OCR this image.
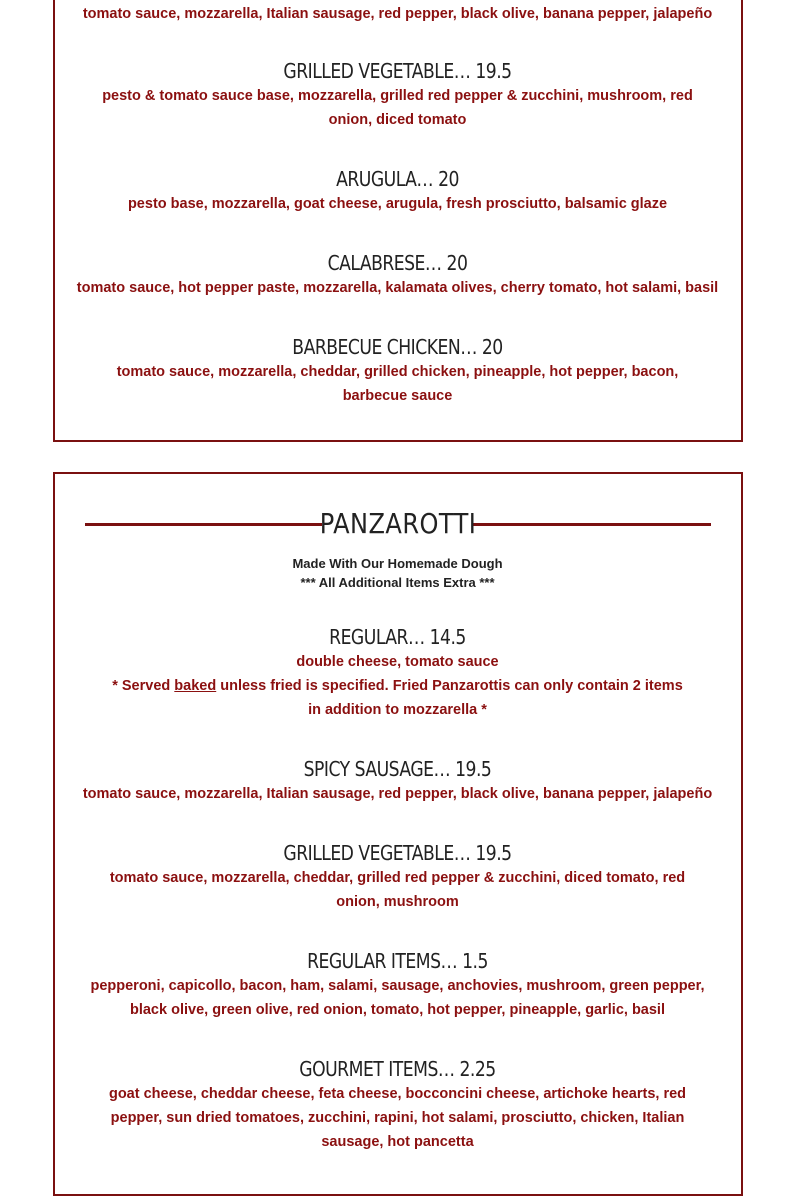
tomato sauce, mozzarella, Italian sausage, red pepper, black olive, banana pepper, jalapeño
GRILLED VEGETABLE… 19.5
pesto & tomato sauce base, mozzarella, grilled red pepper & zucchini, mushroom, red onion, diced tomato
ARUGULA… 20
pesto base, mozzarella, goat cheese, arugula, fresh prosciutto, balsamic glaze
CALABRESE… 20
tomato sauce, hot pepper paste, mozzarella, kalamata olives, cherry tomato, hot salami, basil
BARBECUE CHICKEN… 20
tomato sauce, mozzarella, cheddar, grilled chicken, pineapple, hot pepper, bacon, barbecue sauce
PANZAROTTI
Made With Our Homemade Dough
*** All Additional Items Extra ***
REGULAR… 14.5
double cheese, tomato sauce
* Served baked unless fried is specified. Fried Panzarottis can only contain 2 items in addition to mozzarella *
SPICY SAUSAGE… 19.5
tomato sauce, mozzarella, Italian sausage, red pepper, black olive, banana pepper, jalapeño
GRILLED VEGETABLE… 19.5
tomato sauce, mozzarella, cheddar, grilled red pepper & zucchini, diced tomato, red onion, mushroom
REGULAR ITEMS… 1.5
pepperoni, capicollo, bacon, ham, salami, sausage, anchovies, mushroom, green pepper, black olive, green olive, red onion, tomato, hot pepper, pineapple, garlic, basil
GOURMET ITEMS… 2.25
goat cheese, cheddar cheese, feta cheese, bocconcini cheese, artichoke hearts, red pepper, sun dried tomatoes, zucchini, rapini, hot salami, prosciutto, chicken, Italian sausage, hot pancetta
